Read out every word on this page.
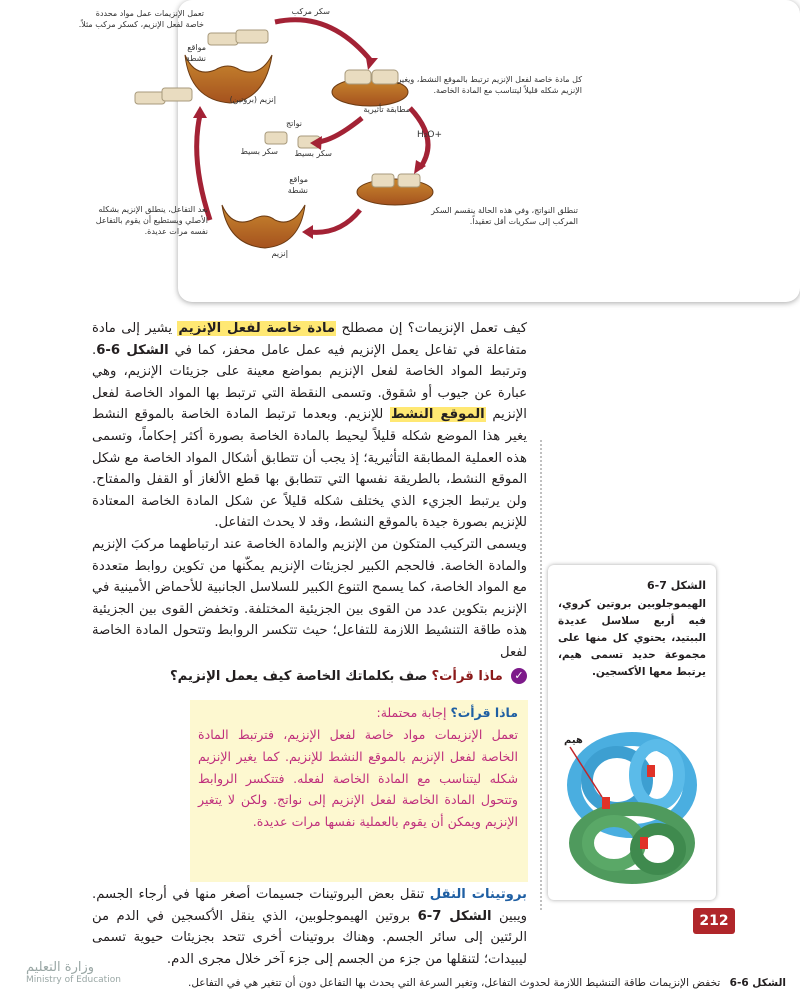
سكر مركب
تعمل الإنزيمات عمل مواد محددة خاصة لفعل الإنزيم، كسكر مركب مثلاً.
مواقع نشطة
إنزيم (بروتين)
كل مادة خاصة لفعل الإنزيم ترتبط بالموقع النشط، ويغير الإنزيم شكله قليلاً ليتناسب مع المادة الخاصة.
مطابقة تأثيرية
نواتج
سكر بسيط	سكر بسيط
+H₂O
تنطلق النواتج، وفي هذه الحالة ينقسم السكر المركب إلى سكريات أقل تعقيداً.
مواقع نشطة
بعد التفاعل، ينطلق الإنزيم بشكله الأصلي ويستطيع أن يقوم بالتفاعل نفسه مرات عديدة.
إنزيم
الشكل 6-6 تخفض الإنزيمات طاقة التنشيط اللازمة لحدوث التفاعل، وتغير السرعة التي يحدث بها التفاعل دون أن تتغير هي في التفاعل.

كيف تعمل الإنزيمات؟ إن مصطلح مادة خاصة لفعل الإنزيم يشير إلى مادة متفاعلة في تفاعل يعمل الإنزيم فيه عمل عامل محفز، كما في الشكل 6-6. وترتبط المواد الخاصة لفعل الإنزيم بمواضع معينة على جزيئات الإنزيم، وهي عبارة عن جيوب أو شقوق. وتسمى النقطة التي ترتبط بها المواد الخاصة لفعل الإنزيم الموقع النشط للإنزيم. وبعدما ترتبط المادة الخاصة بالموقع النشط يغير هذا الموضع شكله قليلاً ليحيط بالمادة الخاصة بصورة أكثر إحكاماً، وتسمى هذه العملية المطابقة التأثيرية؛ إذ يجب أن تتطابق أشكال المواد الخاصة مع شكل الموقع النشط، بالطريقة نفسها التي تتطابق بها قطع الألغاز أو القفل والمفتاح. ولن يرتبط الجزيء الذي يختلف شكله قليلاً عن شكل المادة الخاصة المعتادة للإنزيم بصورة جيدة بالموقع النشط، وقد لا يحدث التفاعل.

ويسمى التركيب المتكون من الإنزيم والمادة الخاصة عند ارتباطهما مركبَ الإنزيم والمادة الخاصة. فالحجم الكبير لجزيئات الإنزيم يمكّنها من تكوين روابط متعددة مع المواد الخاصة، كما يسمح التنوع الكبير للسلاسل الجانبية للأحماض الأمينية في الإنزيم بتكوين عدد من القوى بين الجزيئية المختلفة. وتخفض القوى بين الجزيئية هذه طاقة التنشيط اللازمة للتفاعل؛ حيث تتكسر الروابط وتتحول المادة الخاصة لفعل

✓ ماذا قرأت؟ صف بكلماتك الخاصة كيف يعمل الإنزيم؟

ماذا قرأت؟ إجابة محتملة:
تعمل الإنزيمات مواد خاصة لفعل الإنزيم، فترتبط المادة الخاصة لفعل الإنزيم بالموقع النشط للإنزيم. كما يغير الإنزيم شكله ليتناسب مع المادة الخاصة لفعله. فتتكسر الروابط وتتحول المادة الخاصة لفعل الإنزيم إلى نواتج. ولكن لا يتغير الإنزيم ويمكن أن يقوم بالعملية نفسها مرات عديدة.
بروتينات النقل تنقل بعض البروتينات جسيمات أصغر منها في أرجاء الجسم. ويبين الشكل 7-6 بروتين الهيموجلوبين، الذي ينقل الأكسجين في الدم من الرئتين إلى سائر الجسم. وهناك بروتينات أخرى تتحد بجزيئات حيوية تسمى ليبيدات؛ لتنقلها من جزء من الجسم إلى جزء آخر خلال مجرى الدم.
الشكل 7-6
الهيموجلوبين بروتين كروي، فيه أربع سلاسل عديدة الببتيد، يحتوي كل منها على مجموعة حديد تسمى هيم، يرتبط معها الأكسجين.
هيم
212
وزارة التعليم
Ministry of Education
